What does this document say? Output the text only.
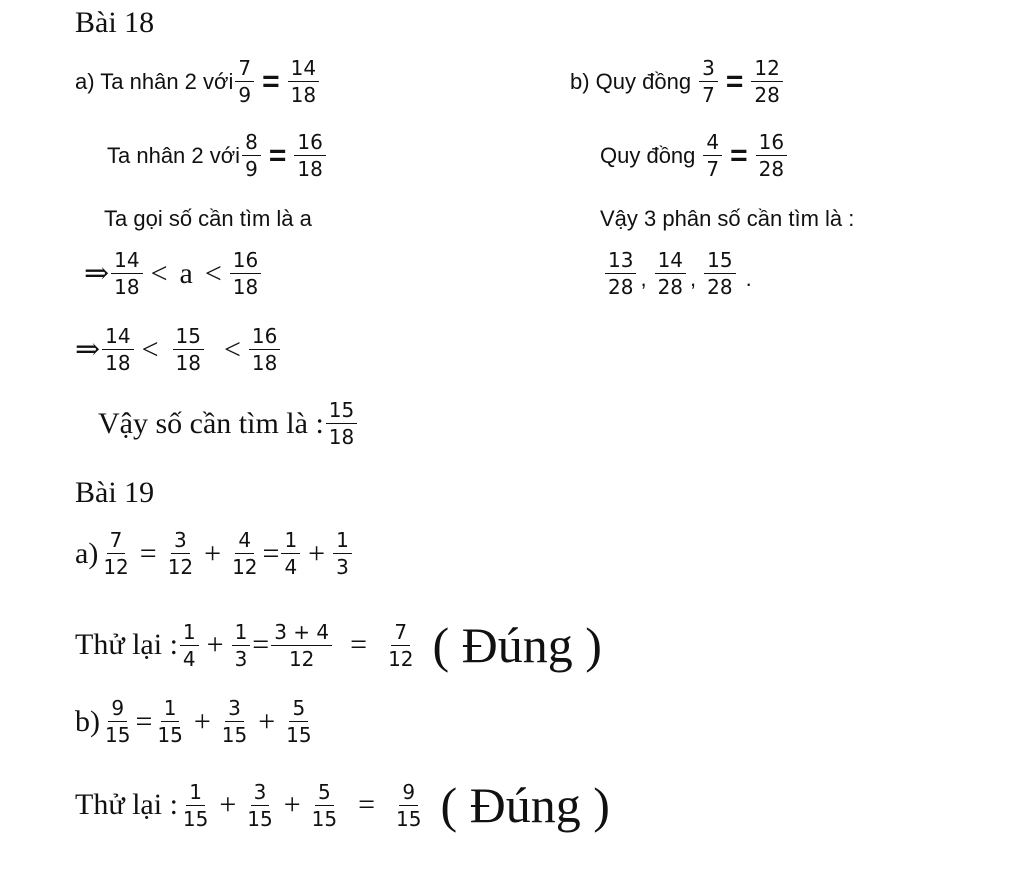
Bài 18
a) Ta nhân 2 với $\frac{7}{9} = \frac{14}{18}$
Ta nhân 2 với $\frac{8}{9} = \frac{16}{18}$
Ta gọi số cần tìm là a
⇒ $\frac{14}{18} < a < \frac{16}{18}$
⇒ $\frac{14}{18} < \frac{15}{18} < \frac{16}{18}$
Vậy số cần tìm là : $\frac{15}{18}$
b) Quy đồng $\frac{3}{7} = \frac{12}{28}$
Quy đồng $\frac{4}{7} = \frac{16}{28}$
Vậy 3 phân số cần tìm là :
$\frac{13}{28}$ , $\frac{14}{28}$ , $\frac{15}{28}$ .
Bài 19
$a) \frac{7}{12} = \frac{3}{12} + \frac{4}{12} = \frac{1}{4} + \frac{1}{3}$
Thử lại : $\frac{1}{4} + \frac{1}{3} = \frac{3 + 4}{12} = \frac{7}{12}$ ( Đúng )
$b) \frac{9}{15} = \frac{1}{15} + \frac{3}{15} + \frac{5}{15}$
Thử lại : $\frac{1}{15} + \frac{3}{15} + \frac{5}{15} = \frac{9}{15}$ ( Đúng )
